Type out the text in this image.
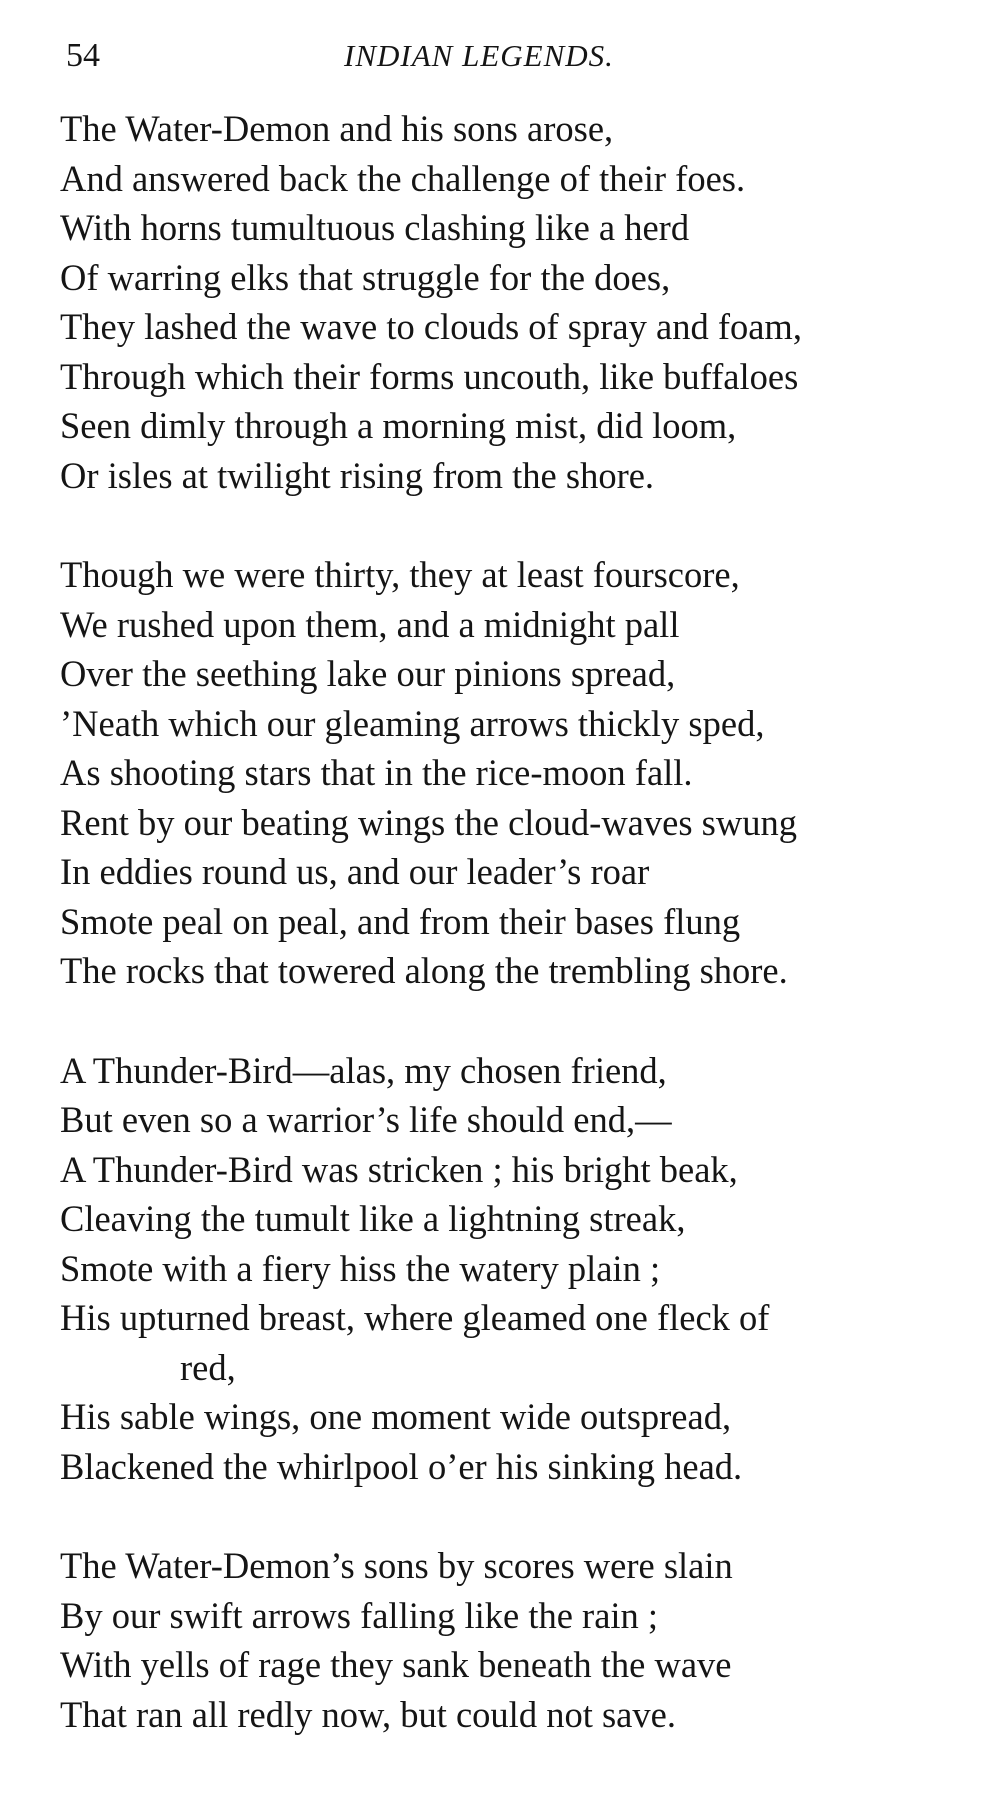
54	INDIAN LEGENDS.
The Water-Demon and his sons arose,
And answered back the challenge of their foes.
With horns tumultuous clashing like a herd
Of warring elks that struggle for the does,
They lashed the wave to clouds of spray and foam,
Through which their forms uncouth, like buffaloes
Seen dimly through a morning mist, did loom,
Or isles at twilight rising from the shore.
Though we were thirty, they at least fourscore,
We rushed upon them, and a midnight pall
Over the seething lake our pinions spread,
’Neath which our gleaming arrows thickly sped,
As shooting stars that in the rice-moon fall.
Rent by our beating wings the cloud-waves swung
In eddies round us, and our leader’s roar
Smote peal on peal, and from their bases flung
The rocks that towered along the trembling shore.
A Thunder-Bird—alas, my chosen friend,
But even so a warrior’s life should end,—
A Thunder-Bird was stricken ; his bright beak,
Cleaving the tumult like a lightning streak,
Smote with a fiery hiss the watery plain ;
His upturned breast, where gleamed one fleck of
red,
His sable wings, one moment wide outspread,
Blackened the whirlpool o’er his sinking head.
The Water-Demon’s sons by scores were slain
By our swift arrows falling like the rain ;
With yells of rage they sank beneath the wave
That ran all redly now, but could not save.
